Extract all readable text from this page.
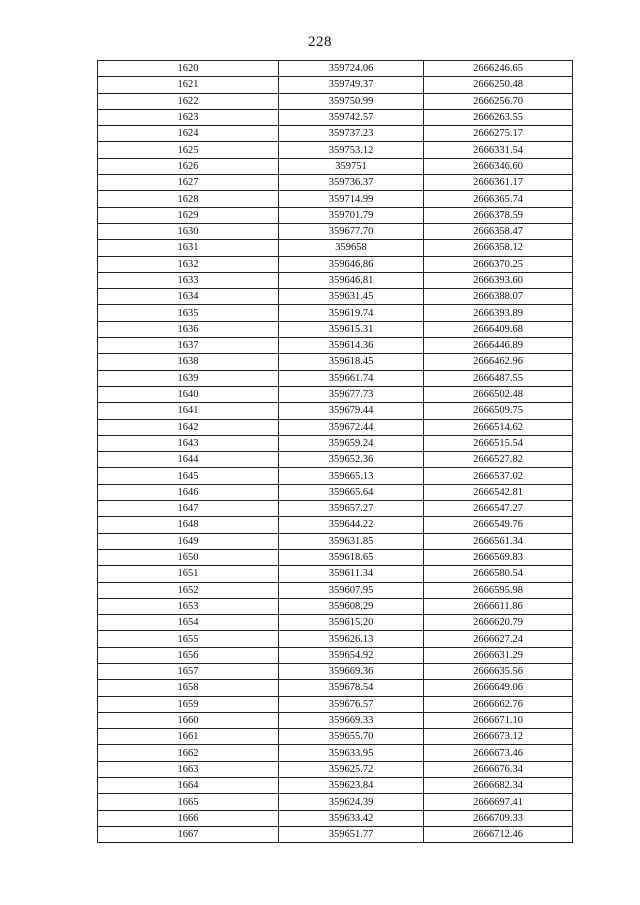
228
1620	359724.06	2666246.65
1621	359749.37	2666250.48
1622	359750.99	2666256.70
1623	359742.57	2666263.55
1624	359737.23	2666275.17
1625	359753.12	2666331.54
1626	359751	2666346.60
1627	359736.37	2666361.17
1628	359714.99	2666365.74
1629	359701.79	2666378.59
1630	359677.70	2666358.47
1631	359658	2666358.12
1632	359646.86	2666370.25
1633	359646.81	2666393.60
1634	359631.45	2666388.07
1635	359619.74	2666393.89
1636	359615.31	2666409.68
1637	359614.36	2666446.89
1638	359618.45	2666462.96
1639	359661.74	2666487.55
1640	359677.73	2666502.48
1641	359679.44	2666509.75
1642	359672.44	2666514.62
1643	359659.24	2666515.54
1644	359652.36	2666527.82
1645	359665.13	2666537.02
1646	359665.64	2666542.81
1647	359657.27	2666547.27
1648	359644.22	2666549.76
1649	359631.85	2666561.34
1650	359618.65	2666569.83
1651	359611.34	2666580.54
1652	359607.95	2666595.98
1653	359608.29	2666611.86
1654	359615.20	2666620.79
1655	359626.13	2666627.24
1656	359654.92	2666631.29
1657	359669.36	2666635.56
1658	359678.54	2666649.06
1659	359676.57	2666662.76
1660	359669.33	2666671.10
1661	359655.70	2666673.12
1662	359633.95	2666673.46
1663	359625.72	2666676.34
1664	359623.84	2666682.34
1665	359624.39	2666697.41
1666	359633.42	2666709.33
1667	359651.77	2666712.46
